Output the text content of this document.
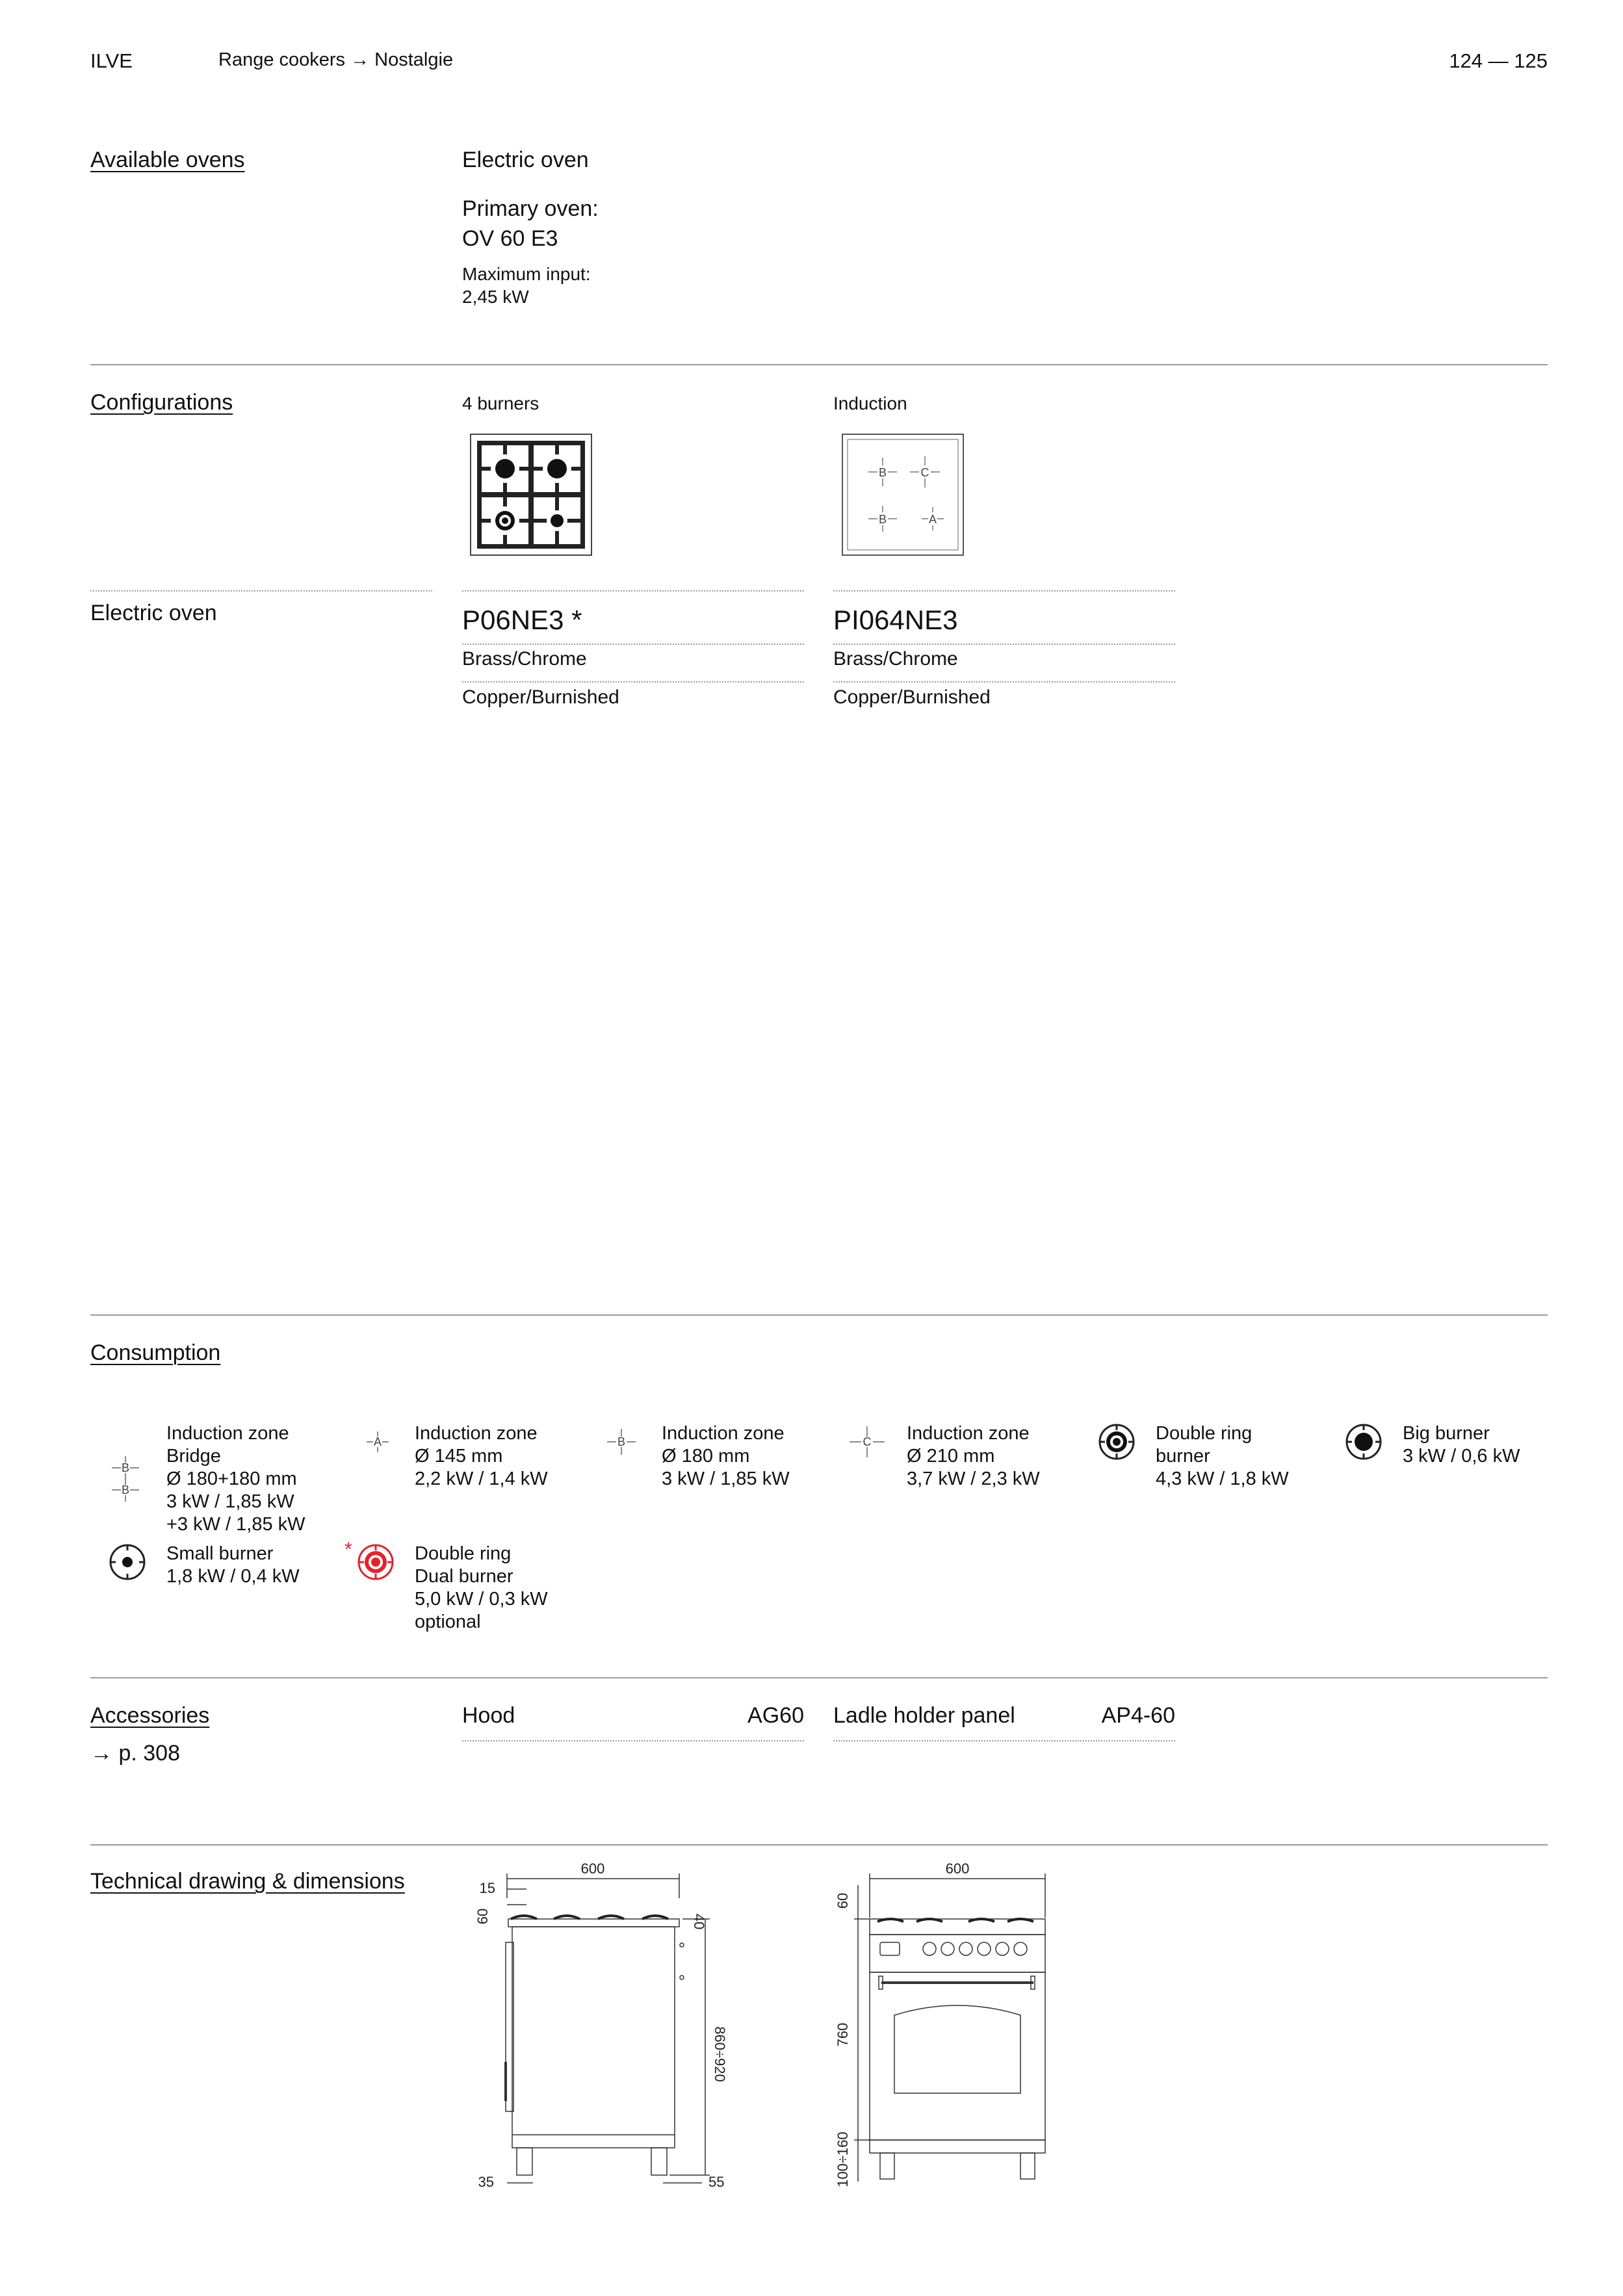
ILVE	Range cookers → Nostalgie	124 — 125
Available ovens	Electric oven
Primary oven:
OV 60 E3
Maximum input:
2,45 kW
Configurations	4 burners	Induction
B	C
B	A
Electric oven	P06NE3 *	PI064NE3
Brass/Chrome	Brass/Chrome
Copper/Burnished	Copper/Burnished
Consumption
B
B
Induction zone
Bridge
Ø 180+180 mm
3 kW / 1,85 kW
+3 kW / 1,85 kW
A Induction zone
Ø 145 mm
2,2 kW / 1,4 kW
B Induction zone
Ø 180 mm
3 kW / 1,85 kW
C Induction zone
Ø 210 mm
3,7 kW / 2,3 kW
Double ring
burner
4,3 kW / 1,8 kW
Big burner
3 kW / 0,6 kW
Small burner
1,8 kW / 0,4 kW
*	Double ring
Dual burner
5,0 kW / 0,3 kW
optional
Accessories
→ p. 308
Hood	AG60 Ladle holder panel	AP4-60
Technical drawing & dimensions
600
15
60	40
860÷920
35	55
600
60
760
100÷160
